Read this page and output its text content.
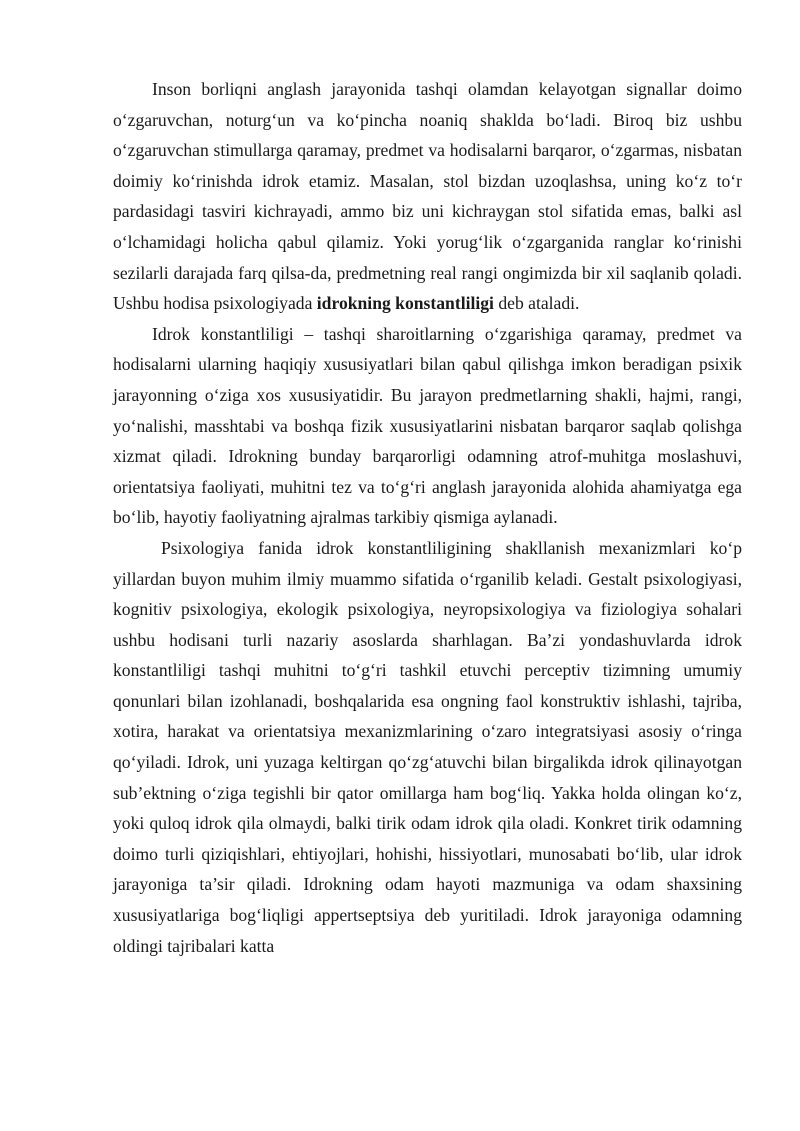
Inson borliqni anglash jarayonida tashqi olamdan kelayotgan signallar doimo o‘zgaruvchan, noturg‘un va ko‘pincha noaniq shaklda bo‘ladi. Biroq biz ushbu o‘zgaruvchan stimullarga qaramay, predmet va hodisalarni barqaror, o‘zgarmas, nisbatan doimiy ko‘rinishda idrok etamiz. Masalan, stol bizdan uzoqlashsa, uning ko‘z to‘r pardasidagi tasviri kichrayadi, ammo biz uni kichraygan stol sifatida emas, balki asl o‘lchamidagi holicha qabul qilamiz. Yoki yorug‘lik o‘zgarganida ranglar ko‘rinishi sezilarli darajada farq qilsa-da, predmetning real rangi ongimizda bir xil saqlanib qoladi. Ushbu hodisa psixologiyada idrokning konstantliligi deb ataladi.

Idrok konstantliligi – tashqi sharoitlarning o‘zgarishiga qaramay, predmet va hodisalarni ularning haqiqiy xususiyatlari bilan qabul qilishga imkon beradigan psixik jarayonning o‘ziga xos xususiyatidir. Bu jarayon predmetlarning shakli, hajmi, rangi, yo‘nalishi, masshtabi va boshqa fizik xususiyatlarini nisbatan barqaror saqlab qolishga xizmat qiladi. Idrokning bunday barqarorligi odamning atrof-muhitga moslashuvi, orientatsiya faoliyati, muhitni tez va to‘g‘ri anglash jarayonida alohida ahamiyatga ega bo‘lib, hayotiy faoliyatning ajralmas tarkibiy qismiga aylanadi.

Psixologiya fanida idrok konstantliligining shakllanish mexanizmlari ko‘p yillardan buyon muhim ilmiy muammo sifatida o‘rganilib keladi. Gestalt psixologiyasi, kognitiv psixologiya, ekologik psixologiya, neyropsixologiya va fiziologiya sohalari ushbu hodisani turli nazariy asoslarda sharhlagan. Ba’zi yondashuvlarda idrok konstantliligi tashqi muhitni to‘g‘ri tashkil etuvchi perceptiv tizimning umumiy qonunlari bilan izohlanadi, boshqalarida esa ongning faol konstruktiv ishlashi, tajriba, xotira, harakat va orientatsiya mexanizmlarining o‘zaro integratsiyasi asosiy o‘ringa qo‘yiladi. Idrok, uni yuzaga keltirgan qo‘zg‘atuvchi bilan birgalikda idrok qilinayotgan sub’ektning o‘ziga tegishli bir qator omillarga ham bog‘liq. Yakka holda olingan ko‘z, yoki quloq idrok qila olmaydi, balki tirik odam idrok qila oladi. Konkret tirik odamning doimo turli qiziqishlari, ehtiyojlari, hohishi, hissiyotlari, munosabati bo‘lib, ular idrok jarayoniga ta’sir qiladi. Idrokning odam hayoti mazmuniga va odam shaxsining xususiyatlariga bog‘liqligi appertseptsiya deb yuritiladi. Idrok jarayoniga odamning oldingi tajribalari katta
